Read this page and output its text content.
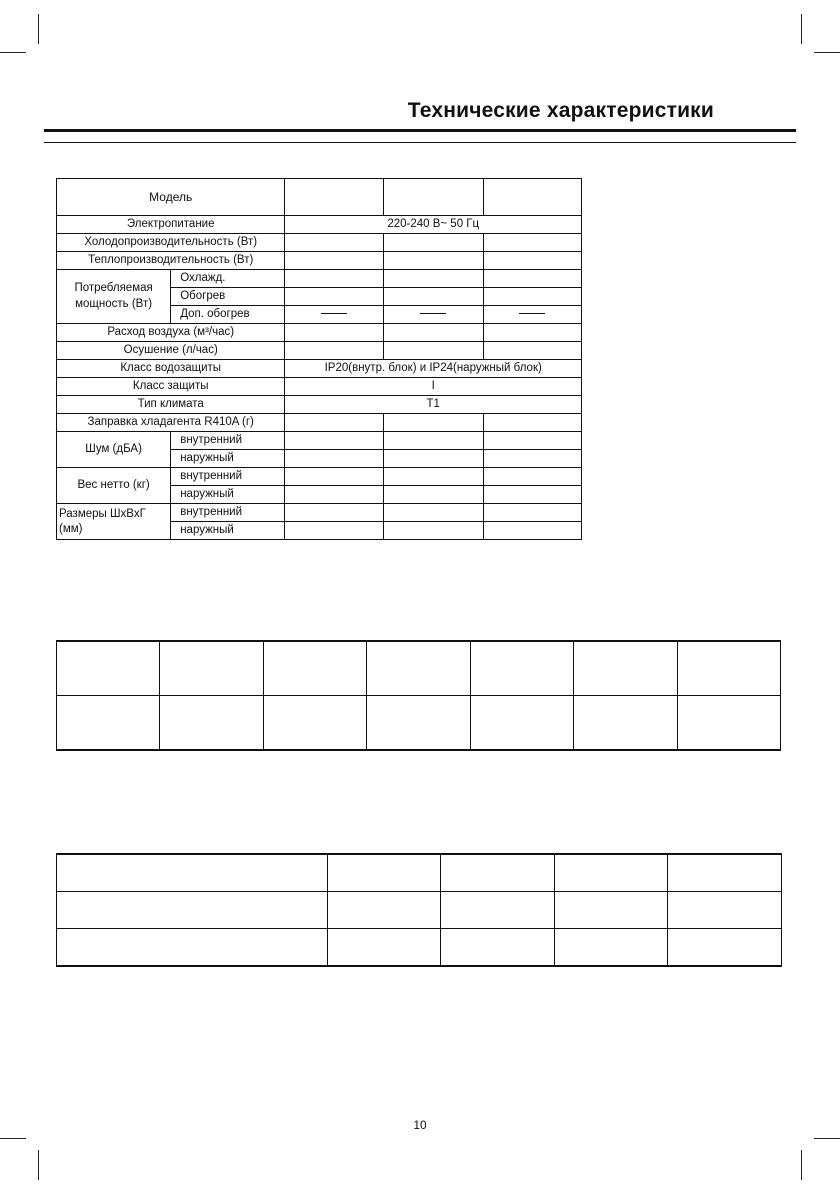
Технические характеристики
Модель				
Электропитание		220-240 В~ 50 Гц		
Холодопроизводительность (Вт)				
Теплопроизводительность (Вт)				
Потребляемая мощность (Вт)	Охлажд.			
	Обогрев			
	Доп. обогрев			
Расход воздуха (м³/час)				
Осушение (л/час)				
Класс водозащиты		IP20(внутр. блок) и IP24(наружный блок)		
Класс защиты		I		
Тип климата		T1		
Заправка хладагента R410A (г)				
Шум (дБА)	внутренний			
	наружный			
Вес нетто (кг)	внутренний			
	наружный			
Размеры ШхВхГ (мм)	внутренний			
	наружный			

10
